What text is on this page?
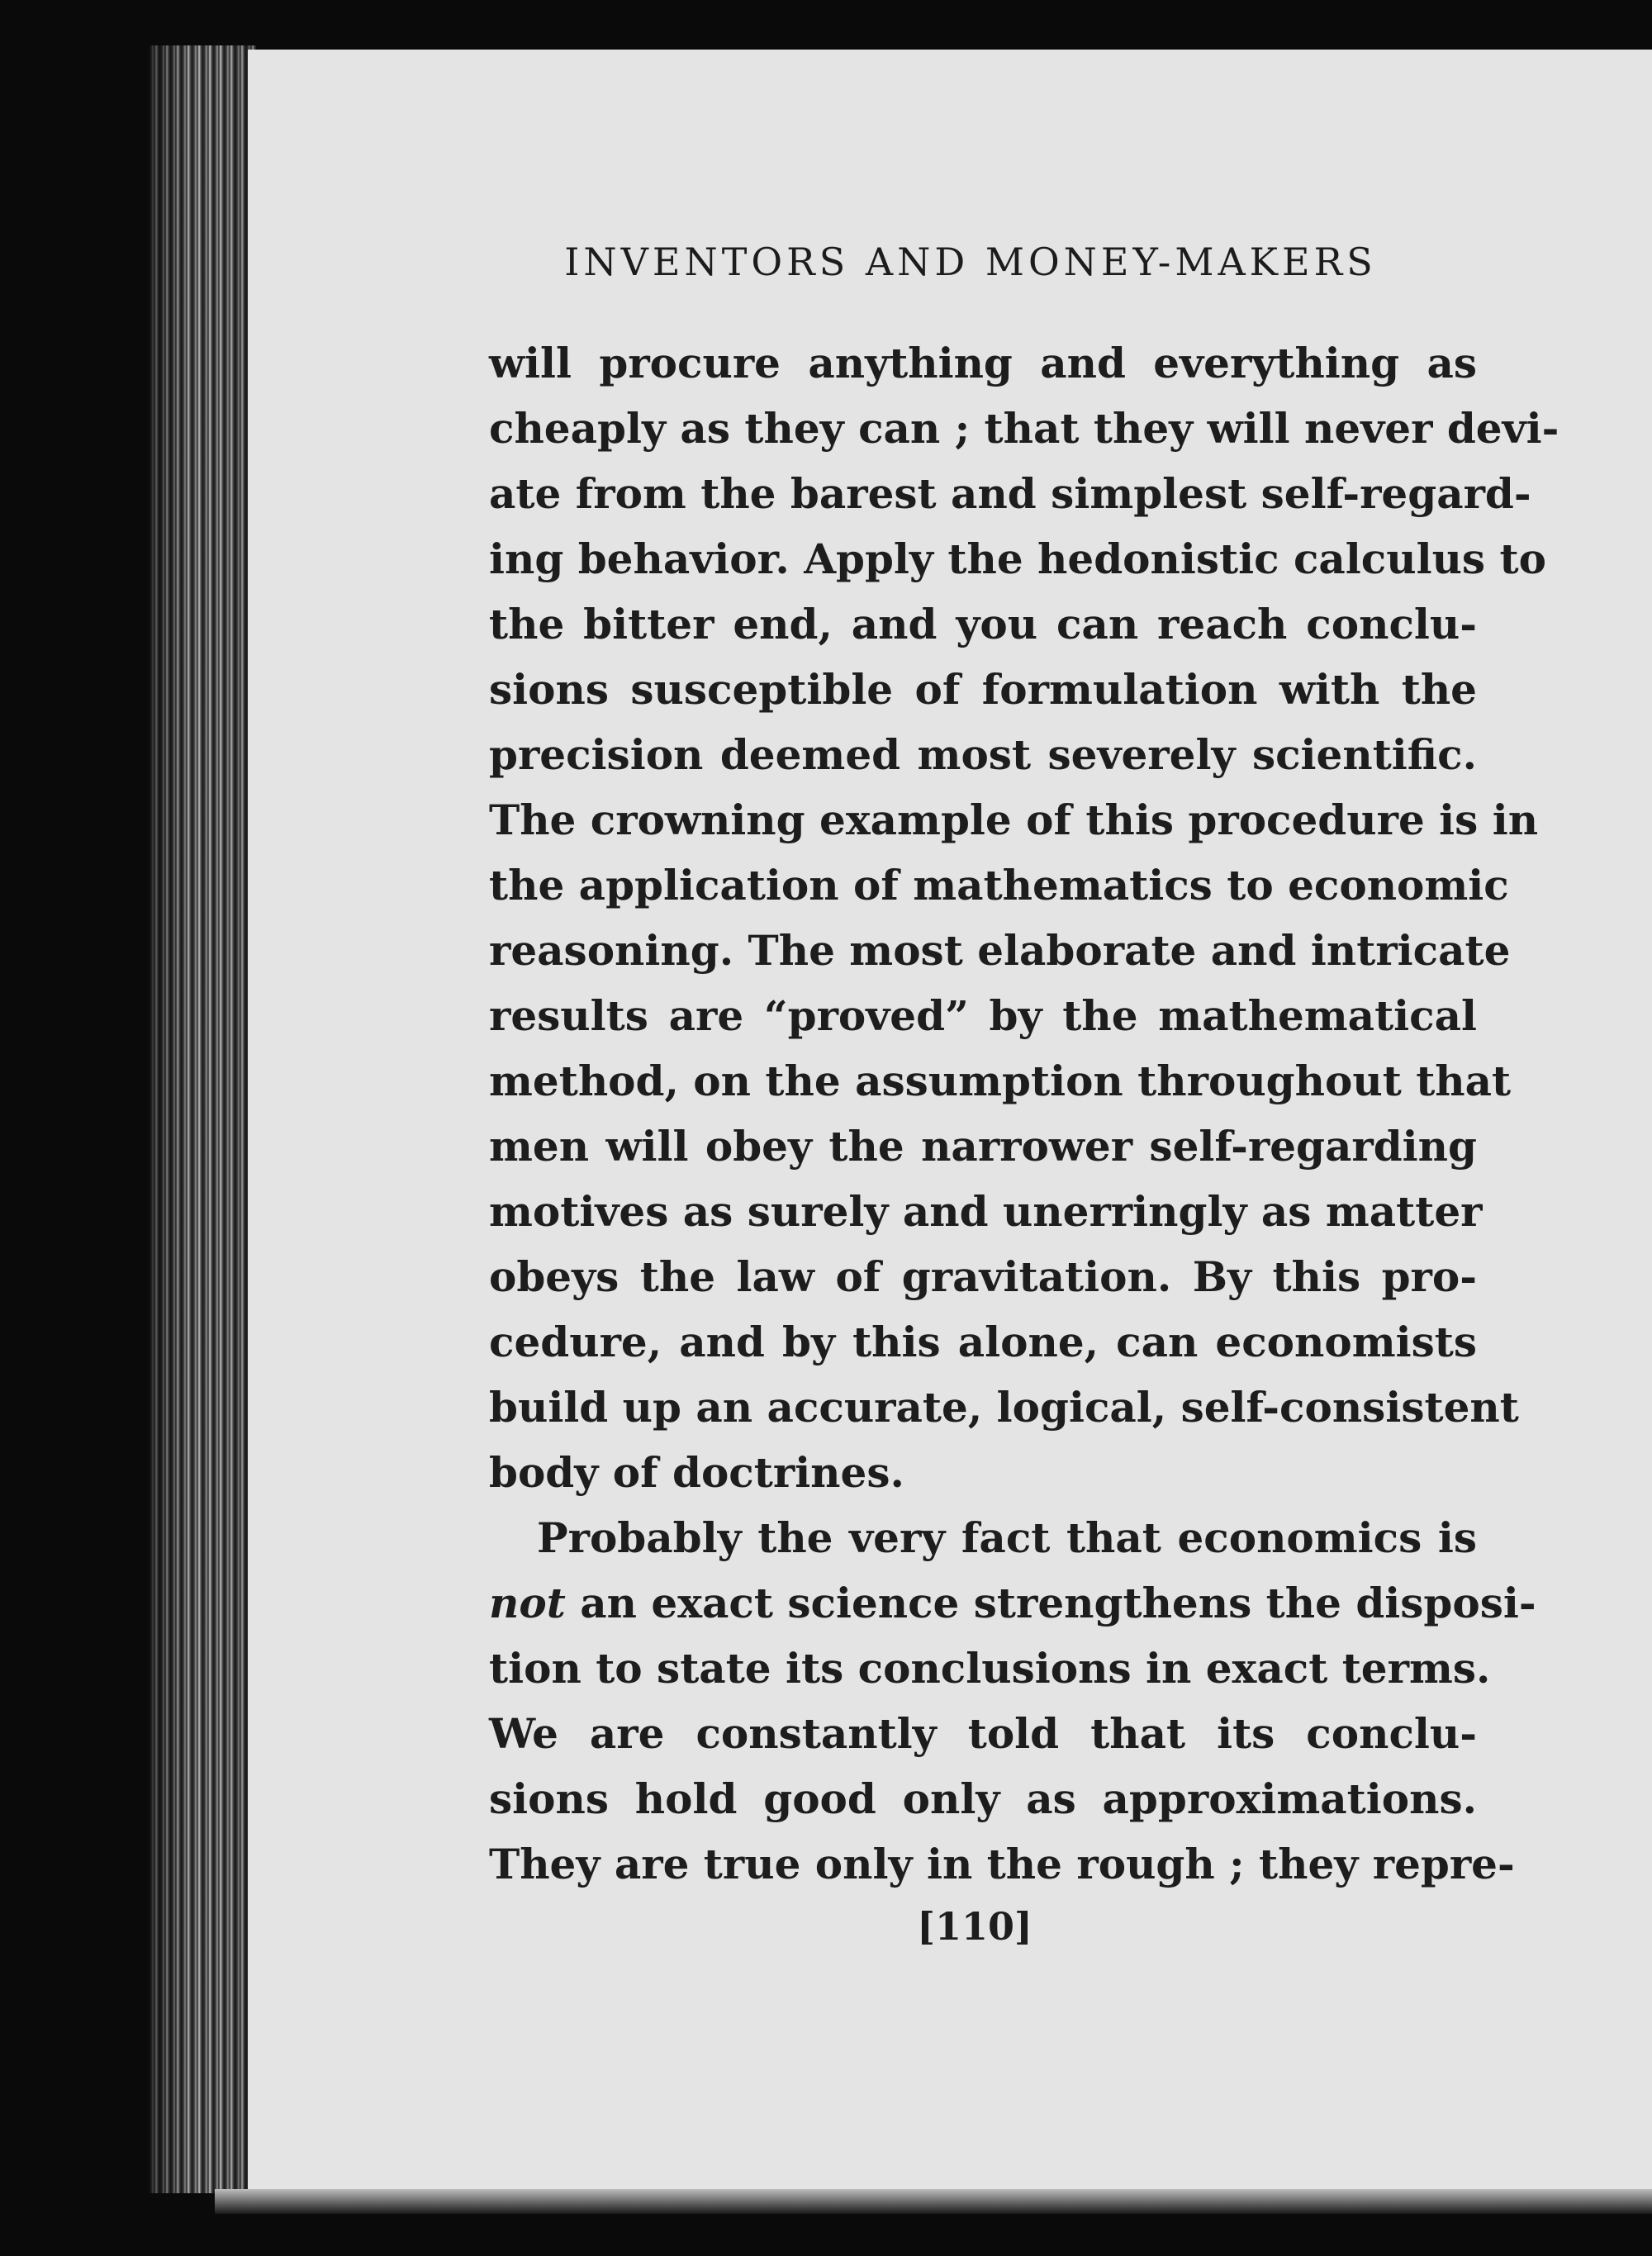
INVENTORS AND MONEY-MAKERS
will procure anything and everything as
cheaply as they can ; that they will never devi-
ate from the barest and simplest self-regard-
ing behavior. Apply the hedonistic calculus to
the bitter end, and you can reach conclu-
sions susceptible of formulation with the
precision deemed most severely scientific.
The crowning example of this procedure is in
the application of mathematics to economic
reasoning. The most elaborate and intricate
results are “proved” by the mathematical
method, on the assumption throughout that
men will obey the narrower self-regarding
motives as surely and unerringly as matter
obeys the law of gravitation. By this pro-
cedure, and by this alone, can economists
build up an accurate, logical, self-consistent
body of doctrines.
Probably the very fact that economics is
not an exact science strengthens the disposi-
tion to state its conclusions in exact terms.
We are constantly told that its conclu-
sions hold good only as approximations.
They are true only in the rough ; they repre-
[110]
